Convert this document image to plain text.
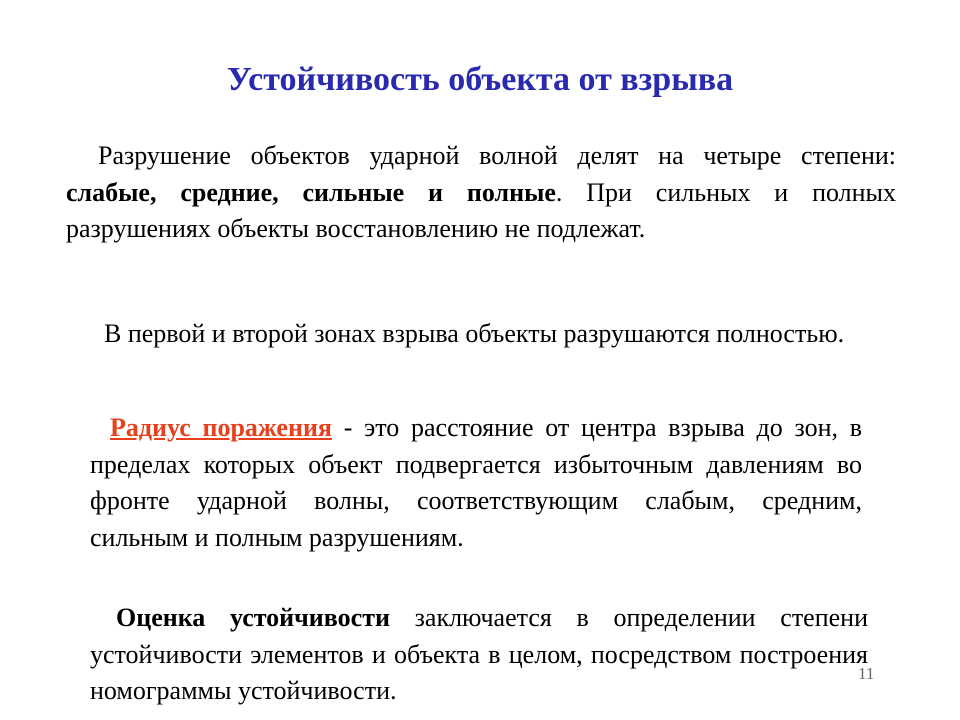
Устойчивость объекта от взрыва

Разрушение объектов ударной волной делят на четыре степени: слабые, средние, сильные и полные. При сильных и полных разрушениях объекты восстановлению не подлежат.

В первой и второй зонах взрыва объекты разрушаются полностью.

Радиус поражения - это расстояние от центра взрыва до зон, в пределах которых объект подвергается избыточным давлениям во фронте ударной волны, соответствующим слабым, средним, сильным и полным разрушениям.

Оценка устойчивости заключается в определении степени устойчивости элементов и объекта в целом, посредством построения номограммы устойчивости.

11
